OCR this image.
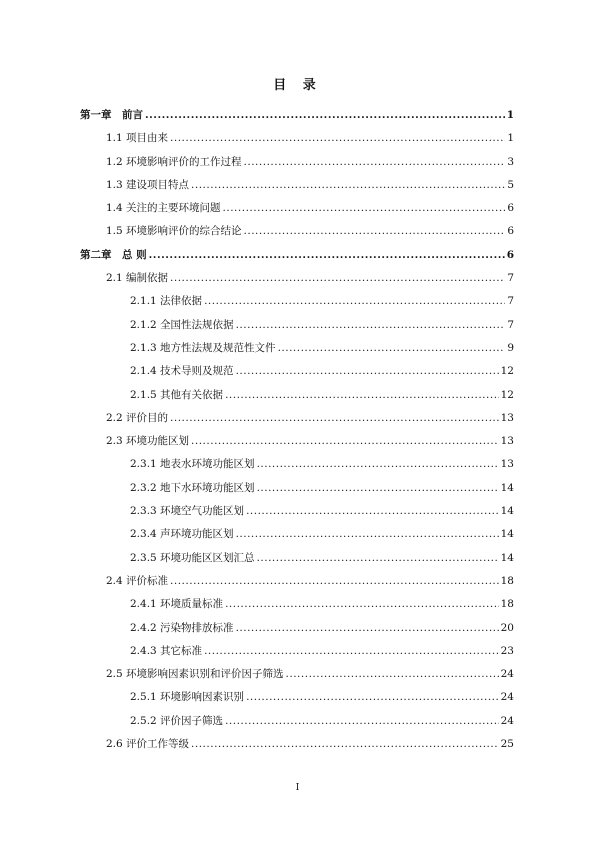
目 录
第一章　前言 .....	1
1.1 项目由来 .....	1
1.2 环境影响评价的工作过程 .....	3
1.3 建设项目特点 .....	5
1.4 关注的主要环境问题 .....	6
1.5 环境影响评价的综合结论 .....	6
第二章　总 则 .....	6
2.1 编制依据 .....	7
2.1.1 法律依据 .....	7
2.1.2 全国性法规依据 .....	7
2.1.3 地方性法规及规范性文件 .....	9
2.1.4 技术导则及规范 .....	12
2.1.5 其他有关依据 .....	12
2.2 评价目的 .....	13
2.3 环境功能区划 .....	13
2.3.1 地表水环境功能区划 .....	13
2.3.2 地下水环境功能区划 .....	14
2.3.3 环境空气功能区划 .....	14
2.3.4 声环境功能区划 .....	14
2.3.5 环境功能区区划汇总 .....	14
2.4 评价标准 .....	18
2.4.1 环境质量标准 .....	18
2.4.2 污染物排放标准 .....	20
2.4.3 其它标准 .....	23
2.5 环境影响因素识别和评价因子筛选 .....	24
2.5.1 环境影响因素识别 .....	24
2.5.2 评价因子筛选 .....	24
2.6 评价工作等级 .....	25
I
